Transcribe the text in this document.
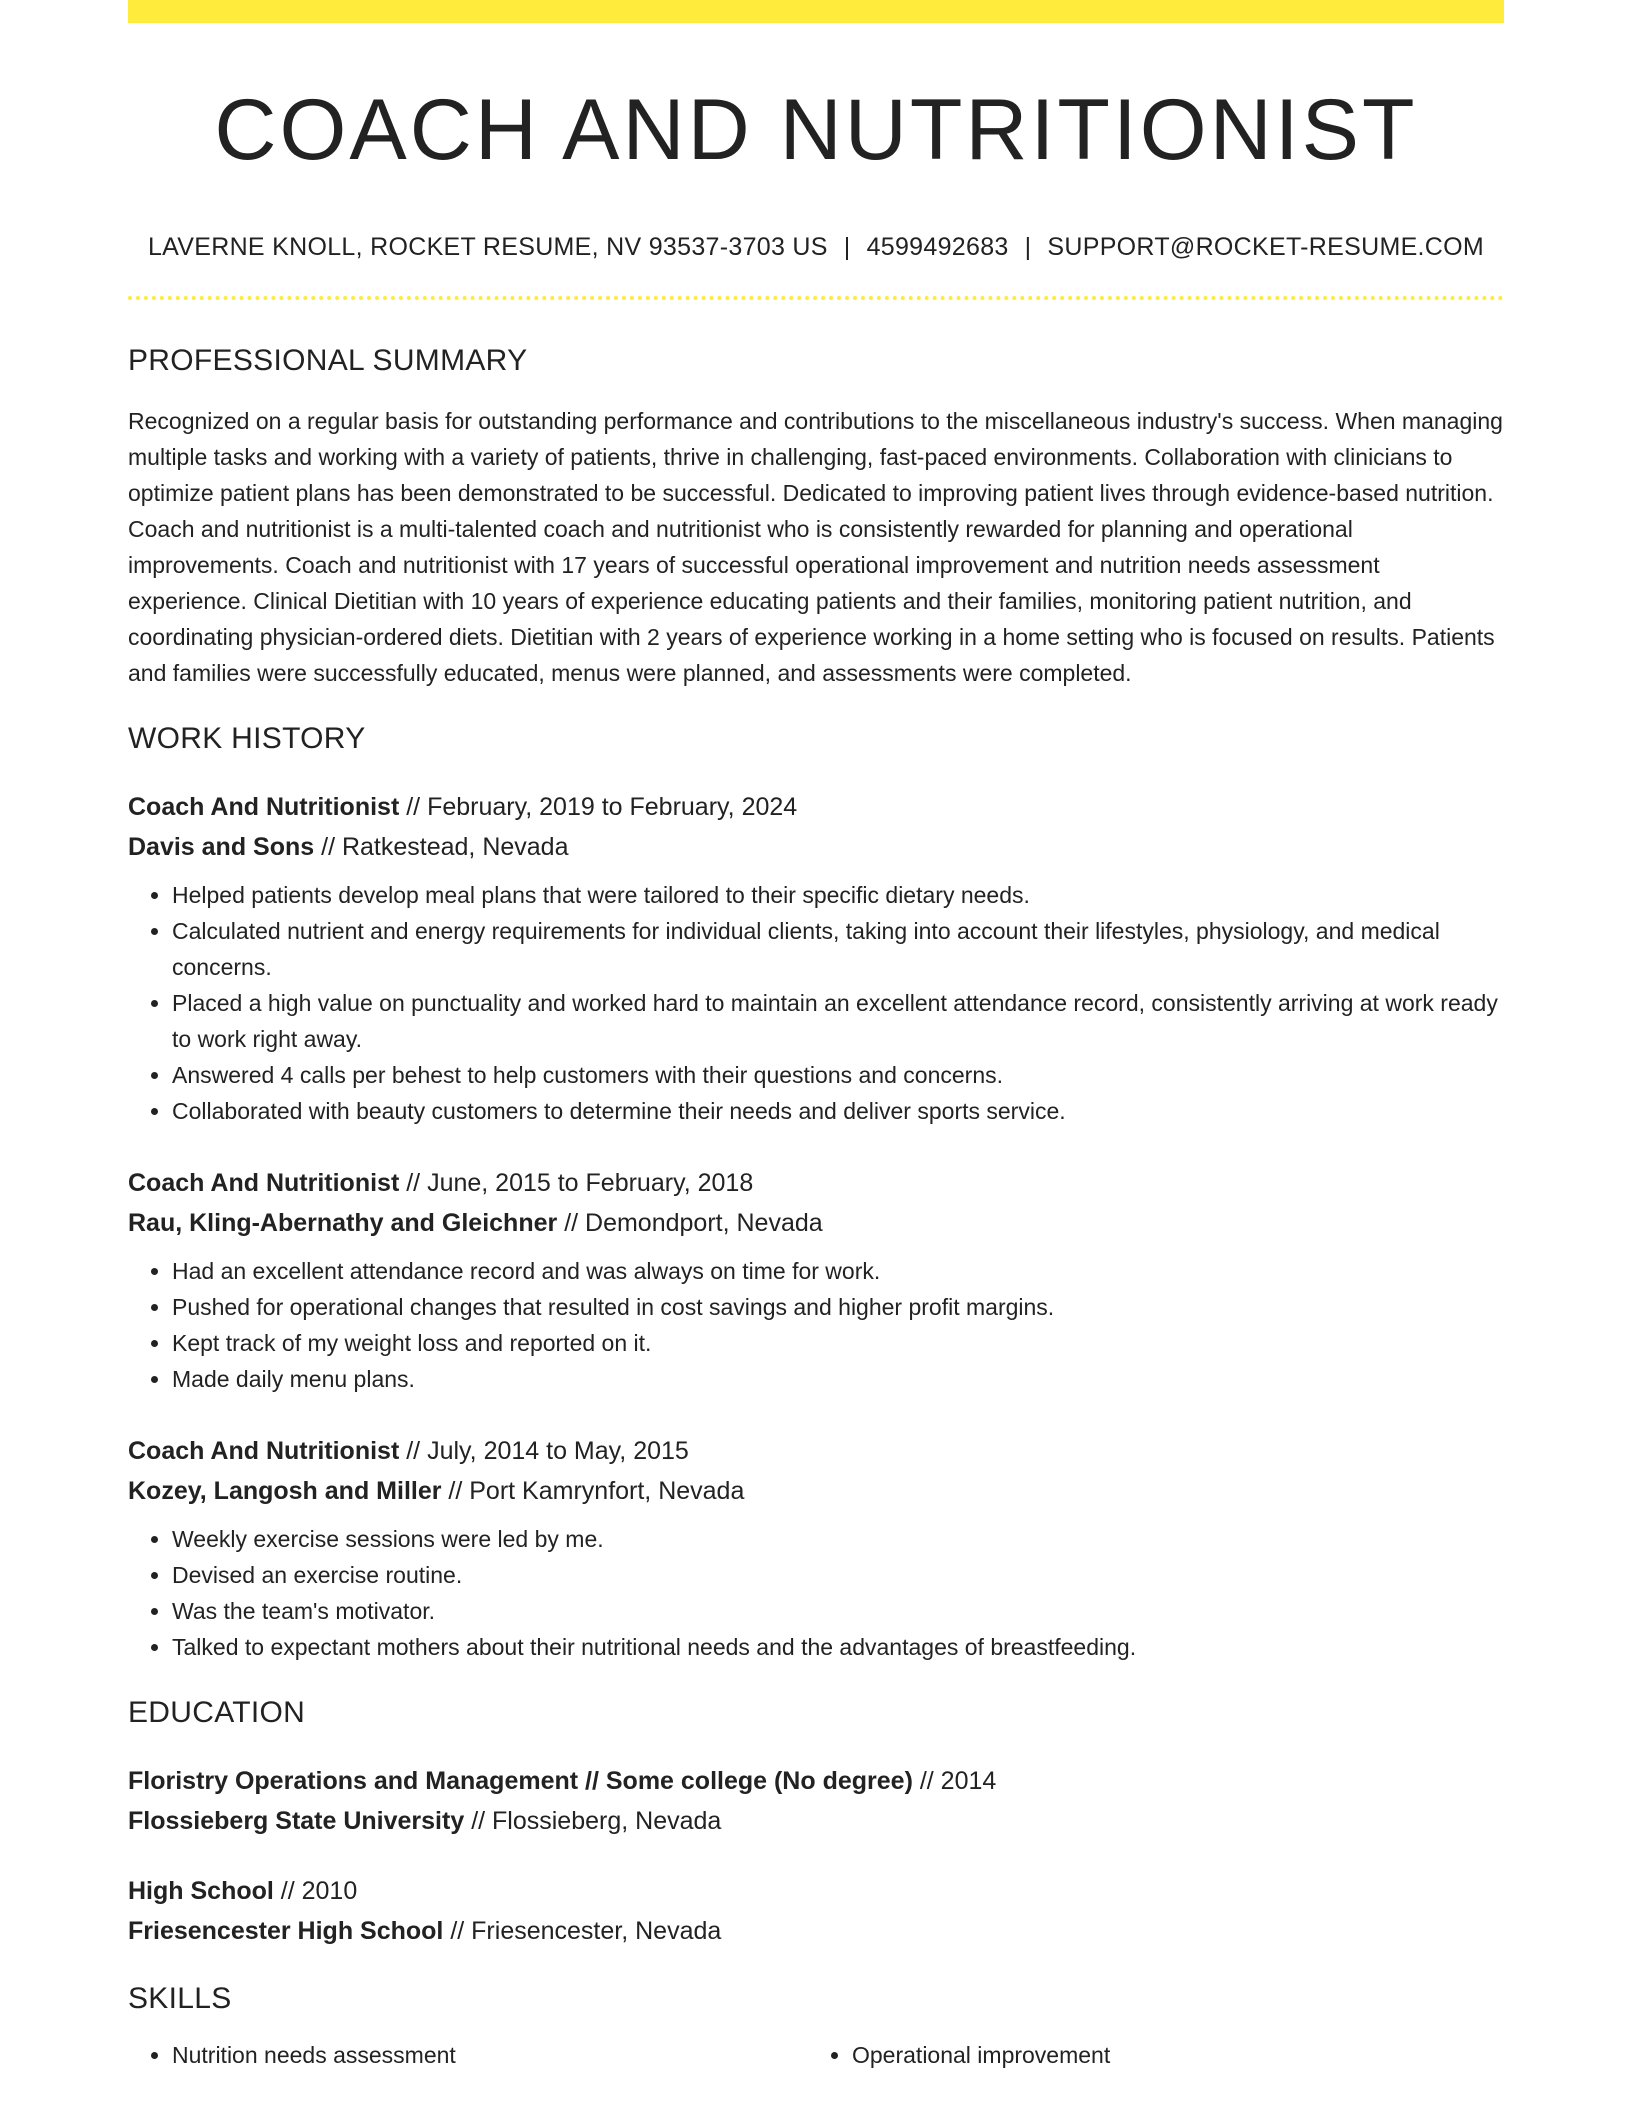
COACH AND NUTRITIONIST
LAVERNE KNOLL, ROCKET RESUME, NV 93537-3703 US | 4599492683 | SUPPORT@ROCKET-RESUME.COM
PROFESSIONAL SUMMARY

Recognized on a regular basis for outstanding performance and contributions to the miscellaneous industry's success. When managing multiple tasks and working with a variety of patients, thrive in challenging, fast-paced environments. Collaboration with clinicians to optimize patient plans has been demonstrated to be successful. Dedicated to improving patient lives through evidence-based nutrition. Coach and nutritionist is a multi-talented coach and nutritionist who is consistently rewarded for planning and operational improvements. Coach and nutritionist with 17 years of successful operational improvement and nutrition needs assessment experience. Clinical Dietitian with 10 years of experience educating patients and their families, monitoring patient nutrition, and coordinating physician-ordered diets. Dietitian with 2 years of experience working in a home setting who is focused on results. Patients and families were successfully educated, menus were planned, and assessments were completed.

WORK HISTORY
Coach And Nutritionist // February, 2019 to February, 2024
Davis and Sons // Ratkestead, Nevada
• Helped patients develop meal plans that were tailored to their specific dietary needs.
• Calculated nutrient and energy requirements for individual clients, taking into account their lifestyles, physiology, and medical concerns.
• Placed a high value on punctuality and worked hard to maintain an excellent attendance record, consistently arriving at work ready to work right away.
• Answered 4 calls per behest to help customers with their questions and concerns.
• Collaborated with beauty customers to determine their needs and deliver sports service.
Coach And Nutritionist // June, 2015 to February, 2018
Rau, Kling-Abernathy and Gleichner // Demondport, Nevada
• Had an excellent attendance record and was always on time for work.
• Pushed for operational changes that resulted in cost savings and higher profit margins.
• Kept track of my weight loss and reported on it.
• Made daily menu plans.
Coach And Nutritionist // July, 2014 to May, 2015
Kozey, Langosh and Miller // Port Kamrynfort, Nevada
• Weekly exercise sessions were led by me.
• Devised an exercise routine.
• Was the team's motivator.
• Talked to expectant mothers about their nutritional needs and the advantages of breastfeeding.
EDUCATION
Floristry Operations and Management // Some college (No degree) // 2014
Flossieberg State University // Flossieberg, Nevada
High School // 2010
Friesencester High School // Friesencester, Nevada
SKILLS
• Nutrition needs assessment
•	Operational improvement
